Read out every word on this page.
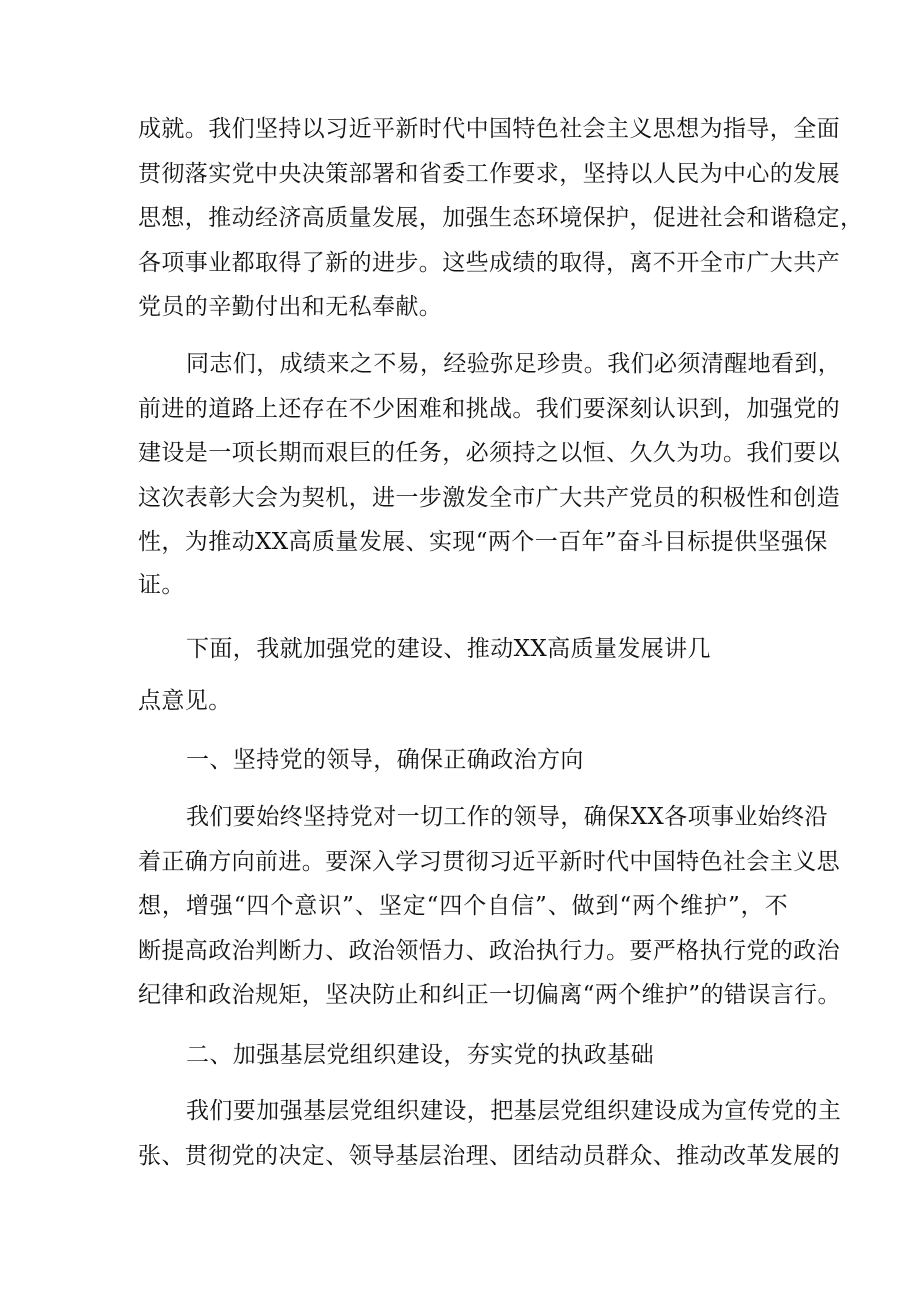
成就。我们坚持以习近平新时代中国特色社会主义思想为指导，全面
贯彻落实党中央决策部署和省委工作要求，坚持以人民为中心的发展
思想，推动经济高质量发展，加强生态环境保护，促进社会和谐稳定，
各项事业都取得了新的进步。这些成绩的取得，离不开全市广大共产
党员的辛勤付出和无私奉献。
同志们，成绩来之不易，经验弥足珍贵。我们必须清醒地看到，
前进的道路上还存在不少困难和挑战。我们要深刻认识到，加强党的
建设是一项长期而艰巨的任务，必须持之以恒、久久为功。我们要以
这次表彰大会为契机，进一步激发全市广大共产党员的积极性和创造
性，为推动XX高质量发展、实现“两个一百年”奋斗目标提供坚强保
证。
下面，我就加强党的建设、推动XX高质量发展讲几
点意见。
一、坚持党的领导，确保正确政治方向
我们要始终坚持党对一切工作的领导，确保XX各项事业始终沿
着正确方向前进。要深入学习贯彻习近平新时代中国特色社会主义思
想，增强“四个意识”、坚定“四个自信”、做到“两个维护”，不
断提高政治判断力、政治领悟力、政治执行力。要严格执行党的政治
纪律和政治规矩，坚决防止和纠正一切偏离“两个维护”的错误言行。
二、加强基层党组织建设，夯实党的执政基础
我们要加强基层党组织建设，把基层党组织建设成为宣传党的主
张、贯彻党的决定、领导基层治理、团结动员群众、推动改革发展的
